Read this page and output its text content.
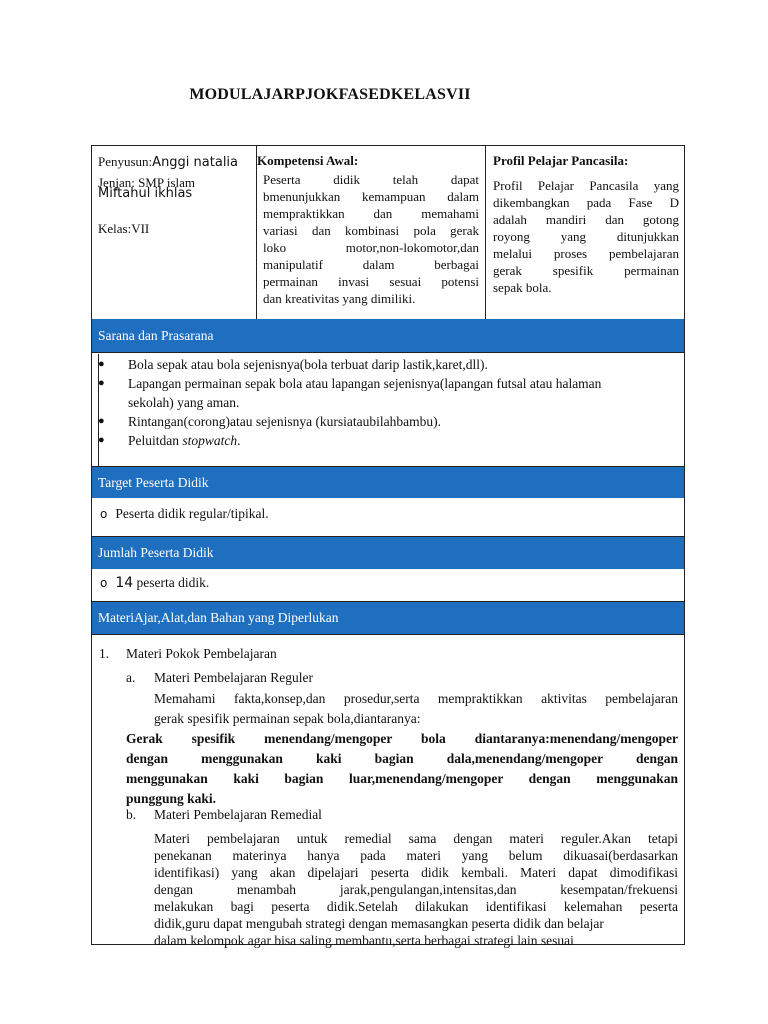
MODULAJARPJOKFASEDKELASVII
Penyusun:Anggi natalia
Jenjan: SMP islam
Miftahul ikhlas
Kelas:VII
Kompetensi Awal:
Peserta didik telah dapat
bmenunjukkan kemampuan dalam
mempraktikkan dan memahami
variasi dan kombinasi pola gerak
loko motor,non-lokomotor,dan
manipulatif dalam berbagai
permainan invasi sesuai potensi
dan kreativitas yang dimiliki.
Profil Pelajar Pancasila:
Profil Pelajar Pancasila yang
dikembangkan pada Fase D
adalah mandiri dan gotong
royong yang ditunjukkan
melalui proses pembelajaran
gerak spesifik permainan
sepak bola.
Sarana dan Prasarana
● Bola sepak atau bola sejenisnya(bola terbuat darip lastik,karet,dll).
● Lapangan permainan sepak bola atau lapangan sejenisnya(lapangan futsal atau halaman
sekolah) yang aman.
● Rintangan(corong)atau sejenisnya (kursiataubilahbambu).
● Peluitdan stopwatch.
Target Peserta Didik
o Peserta didik regular/tipikal.
Jumlah Peserta Didik
o 14 peserta didik.
MateriAjar,Alat,dan Bahan yang Diperlukan
1. Materi Pokok Pembelajaran
a. Materi Pembelajaran Reguler
Memahami fakta,konsep,dan prosedur,serta mempraktikkan aktivitas pembelajaran
gerak spesifik permainan sepak bola,diantaranya:
Gerak spesifik menendang/mengoper bola diantaranya:menendang/mengoper
dengan menggunakan kaki bagian dala,menendang/mengoper dengan
menggunakan kaki bagian luar,menendang/mengoper dengan menggunakan
punggung kaki.
b. Materi Pembelajaran Remedial
Materi pembelajaran untuk remedial sama dengan materi reguler.Akan tetapi
penekanan materinya hanya pada materi yang belum dikuasai(berdasarkan
identifikasi) yang akan dipelajari peserta didik kembali. Materi dapat dimodifikasi
dengan menambah jarak,pengulangan,intensitas,dan kesempatan/frekuensi
melakukan bagi peserta didik.Setelah dilakukan identifikasi kelemahan peserta
didik,guru dapat mengubah strategi dengan memasangkan peserta didik dan belajar
dalam kelompok agar bisa saling membantu,serta berbagai strategi lain sesuai
